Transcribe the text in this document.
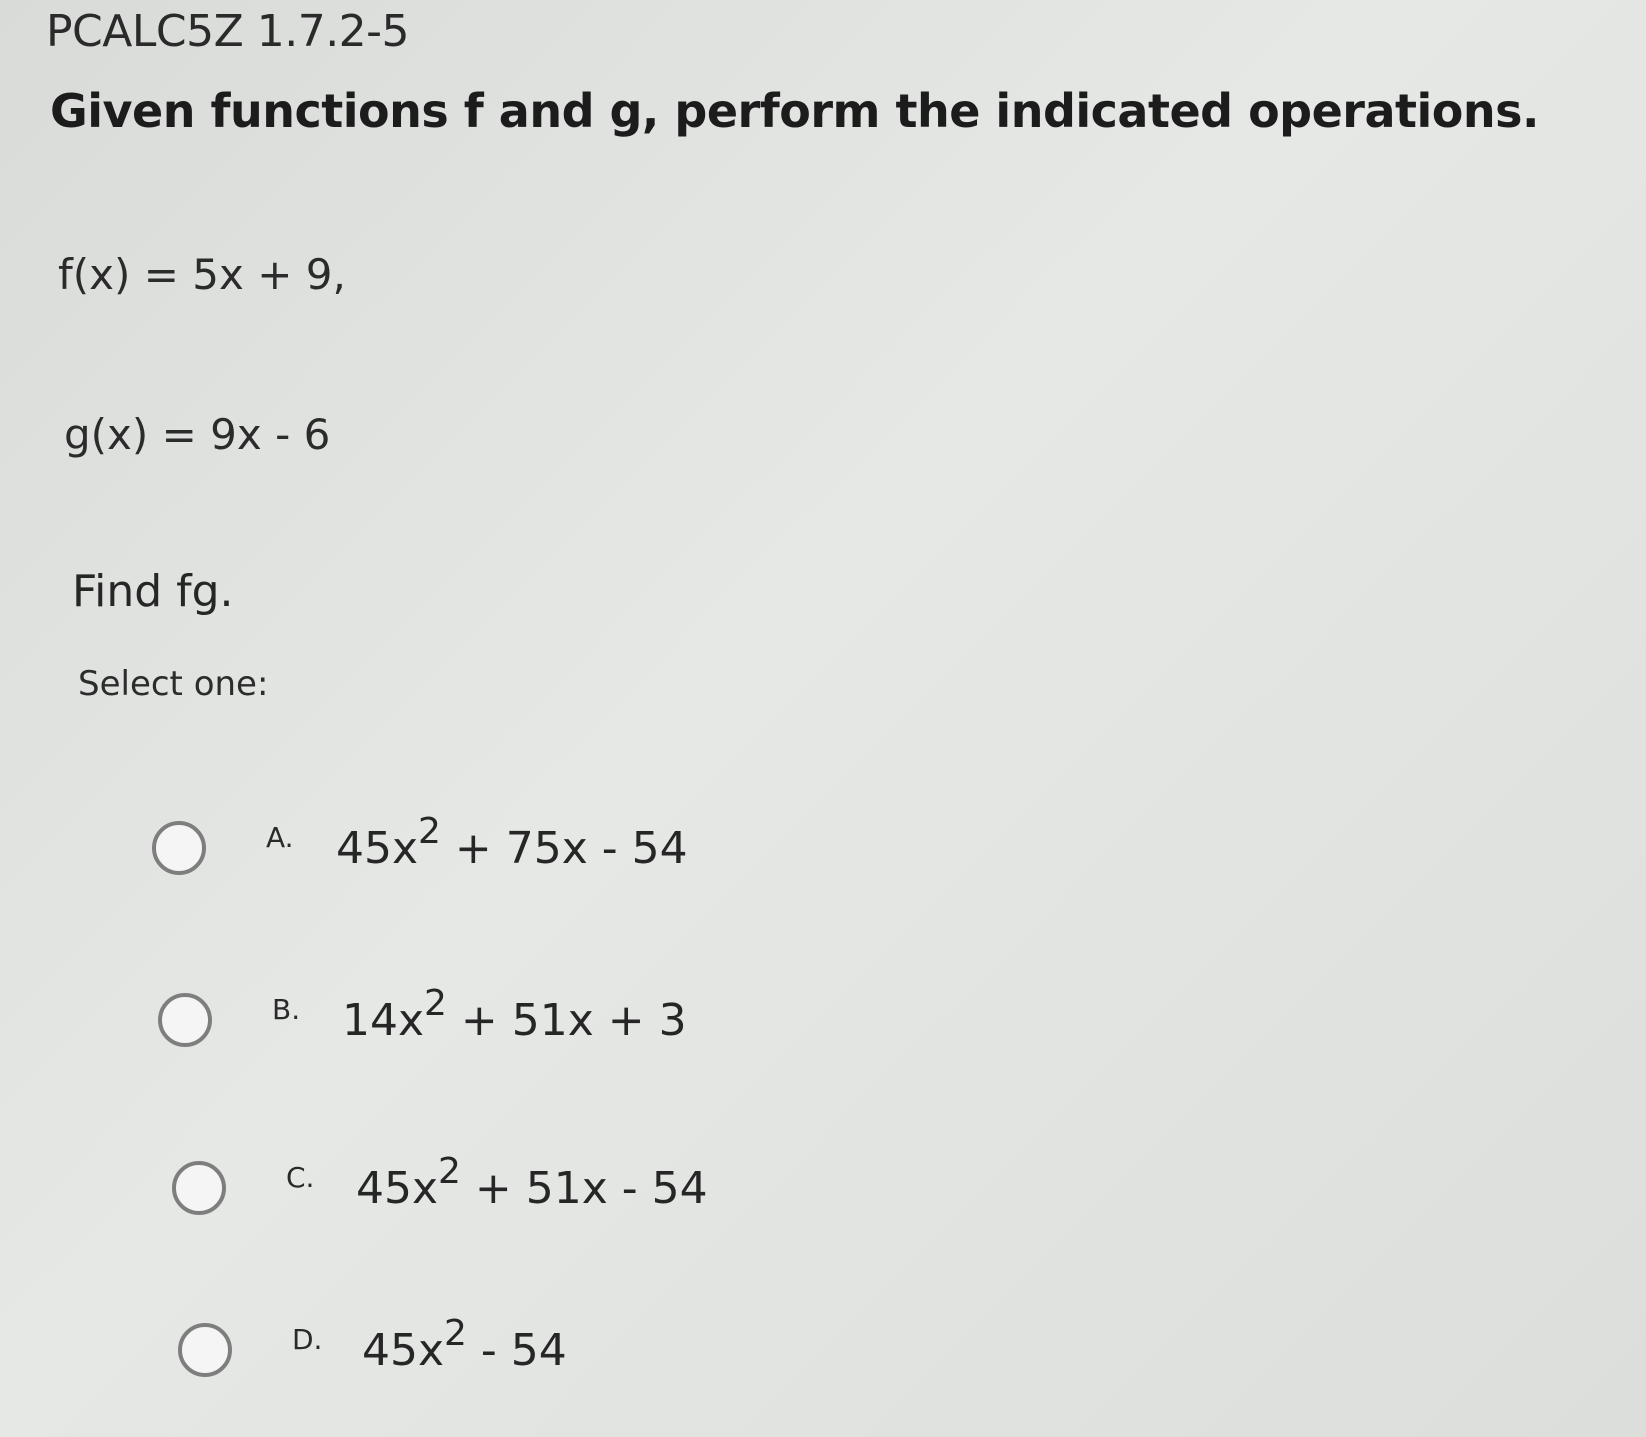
PCALC5Z 1.7.2-5
Given functions f and g, perform the indicated operations.
f(x) = 5x + 9,
g(x) = 9x - 6
Find fg.
Select one:
A. $45x^2 + 75x - 54$
B. $14x^2 + 51x + 3$
C. $45x^2 + 51x - 54$
D. $45x^2 - 54$
